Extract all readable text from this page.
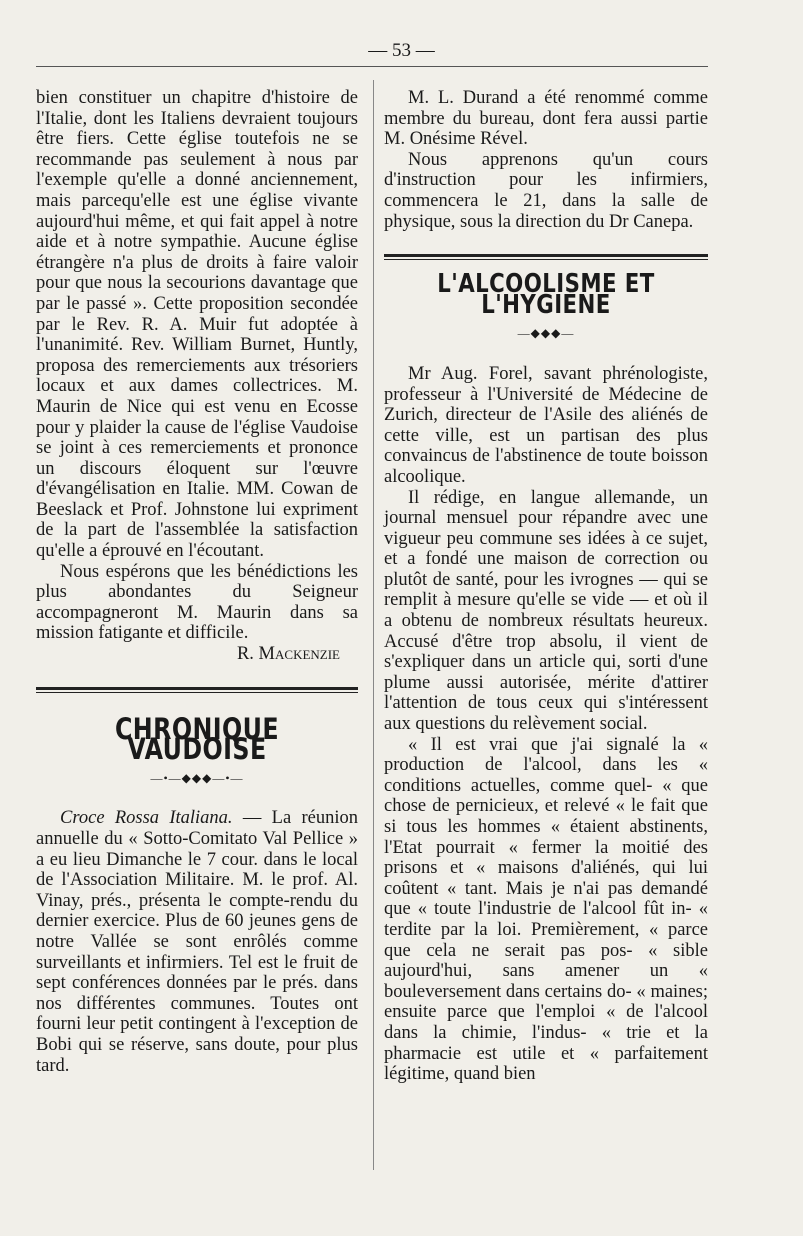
— 53 —

bien constituer un chapitre d'histoire de l'Italie, dont les Italiens devraient toujours être fiers. Cette église toutefois ne se recommande pas seulement à nous par l'exemple qu'elle a donné anciennement, mais parcequ'elle est une église vivante aujourd'hui même, et qui fait appel à notre aide et à notre sympathie. Aucune église étrangère n'a plus de droits à faire valoir pour que nous la secourions davantage que par le passé ». Cette proposition secondée par le Rev. R. A. Muir fut adoptée à l'unanimité. Rev. William Burnet, Huntly, proposa des remerciements aux trésoriers locaux et aux dames collectrices. M. Maurin de Nice qui est venu en Ecosse pour y plaider la cause de l'église Vaudoise se joint à ces remerciements et prononce un discours éloquent sur l'œuvre d'évangélisation en Italie. MM. Cowan de Beeslack et Prof. Johnstone lui expriment de la part de l'assemblée la satisfaction qu'elle a éprouvé en l'écoutant.

Nous espérons que les bénédictions les plus abondantes du Seigneur accompagneront M. Maurin dans sa mission fatigante et difficile.

R. Mackenzie

CHRONIQUE VAUDOISE
—•—◆◆◆—•—

Croce Rossa Italiana. — La réunion annuelle du « Sotto-Comitato Val Pellice » a eu lieu Dimanche le 7 cour. dans le local de l'Association Militaire. M. le prof. Al. Vinay, prés., présenta le compte-rendu du dernier exercice. Plus de 60 jeunes gens de notre Vallée se sont enrôlés comme surveillants et infirmiers. Tel est le fruit de sept conférences données par le prés. dans nos différentes communes. Toutes ont fourni leur petit contingent à l'exception de Bobi qui se réserve, sans doute, pour plus tard.

M. L. Durand a été renommé comme membre du bureau, dont fera aussi partie M. Onésime Rével.

Nous apprenons qu'un cours d'instruction pour les infirmiers, commencera le 21, dans la salle de physique, sous la direction du Dr Canepa.

L'ALCOOLISME ET L'HYGIÈNE
—◆◆◆—

Mr Aug. Forel, savant phrénologiste, professeur à l'Université de Médecine de Zurich, directeur de l'Asile des aliénés de cette ville, est un partisan des plus convaincus de l'abstinence de toute boisson alcoolique.

Il rédige, en langue allemande, un journal mensuel pour répandre avec une vigueur peu commune ses idées à ce sujet, et a fondé une maison de correction ou plutôt de santé, pour les ivrognes — qui se remplit à mesure qu'elle se vide — et où il a obtenu de nombreux résultats heureux. Accusé d'être trop absolu, il vient de s'expliquer dans un article qui, sorti d'une plume aussi autorisée, mérite d'attirer l'attention de tous ceux qui s'intéressent aux questions du relèvement social.

« Il est vrai que j'ai signalé la « production de l'alcool, dans les « conditions actuelles, comme quel- « que chose de pernicieux, et relevé « le fait que si tous les hommes « étaient abstinents, l'Etat pourrait « fermer la moitié des prisons et « maisons d'aliénés, qui lui coûtent « tant. Mais je n'ai pas demandé que « toute l'industrie de l'alcool fût in- « terdite par la loi. Premièrement, « parce que cela ne serait pas pos- « sible aujourd'hui, sans amener un « bouleversement dans certains do- « maines; ensuite parce que l'emploi « de l'alcool dans la chimie, l'indus- « trie et la pharmacie est utile et « parfaitement légitime, quand bien
